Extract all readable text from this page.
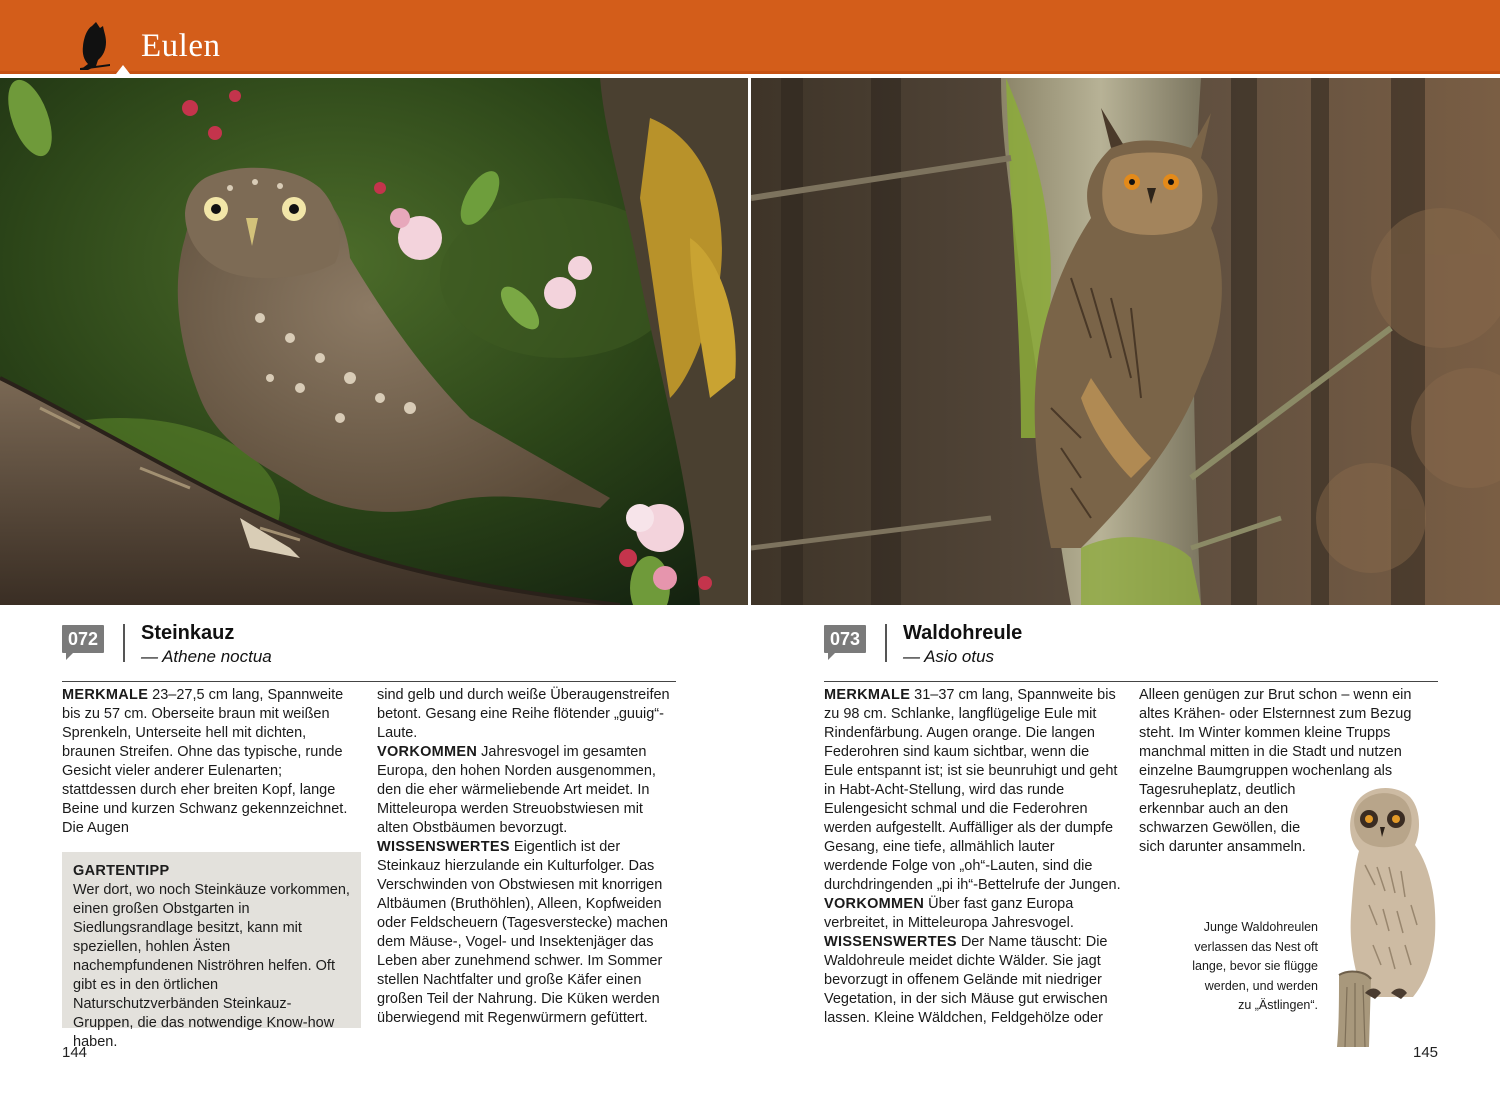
Eulen
072 Steinkauz
— Athene noctua
073 Waldohreule
— Asio otus

MERKMALE 23–27,5 cm lang, Spannweite bis zu 57 cm. Oberseite braun mit weißen Sprenkeln, Unterseite hell mit dichten, braunen Streifen. Ohne das typische, runde Gesicht vieler anderer Eulenarten; stattdessen durch eher breiten Kopf, lange Beine und kurzen Schwanz gekennzeichnet. Die Augen

GARTENTIPP
Wer dort, wo noch Steinkäuze vorkommen, einen großen Obstgarten in Siedlungsrandlage besitzt, kann mit speziellen, hohlen Ästen nachempfundenen Niströhren helfen. Oft gibt es in den örtlichen Naturschutzverbänden Steinkauz-Gruppen, die das notwendige Know-how haben.

sind gelb und durch weiße Überaugenstreifen betont. Gesang eine Reihe flötender „guuig“-Laute.

VORKOMMEN Jahresvogel im gesamten Europa, den hohen Norden ausgenommen, den die eher wärmeliebende Art meidet. In Mitteleuropa werden Streuobstwiesen mit alten Obstbäumen bevorzugt.

WISSENSWERTES Eigentlich ist der Steinkauz hierzulande ein Kulturfolger. Das Verschwinden von Obstwiesen mit knorrigen Altbäumen (Bruthöhlen), Alleen, Kopfweiden oder Feldscheuern (Tagesverstecke) machen dem Mäuse-, Vogel- und Insektenjäger das Leben aber zunehmend schwer. Im Sommer stellen Nachtfalter und große Käfer einen großen Teil der Nahrung. Die Küken werden überwiegend mit Regenwürmern gefüttert.

MERKMALE 31–37 cm lang, Spannweite bis zu 98 cm. Schlanke, langflügelige Eule mit Rindenfärbung. Augen orange. Die langen Federohren sind kaum sichtbar, wenn die Eule entspannt ist; ist sie beunruhigt und geht in Habt-Acht-Stellung, wird das runde Eulengesicht schmal und die Federohren werden aufgestellt. Auffälliger als der dumpfe Gesang, eine tiefe, allmählich lauter werdende Folge von „oh“-Lauten, sind die durchdringenden „pi ih“-Bettelrufe der Jungen.

VORKOMMEN Über fast ganz Europa verbreitet, in Mitteleuropa Jahresvogel.

WISSENSWERTES Der Name täuscht: Die Waldohreule meidet dichte Wälder. Sie jagt bevorzugt in offenem Gelände mit niedriger Vegetation, in der sich Mäuse gut erwischen lassen. Kleine Wäldchen, Feldgehölze oder

Alleen genügen zur Brut schon – wenn ein
altes Krähen- oder Elsternnest zum Bezug
steht. Im Winter kommen kleine Trupps
manchmal mitten in die Stadt und nutzen
einzelne Baumgruppen wochenlang als
Tagesruheplatz, deutlich
erkennbar auch an den
schwarzen Gewöllen, die
sich darunter ansammeln.
Junge Waldohreulen
verlassen das Nest oft
lange, bevor sie flügge
werden, und werden
zu „Ästlingen“.
144	145
